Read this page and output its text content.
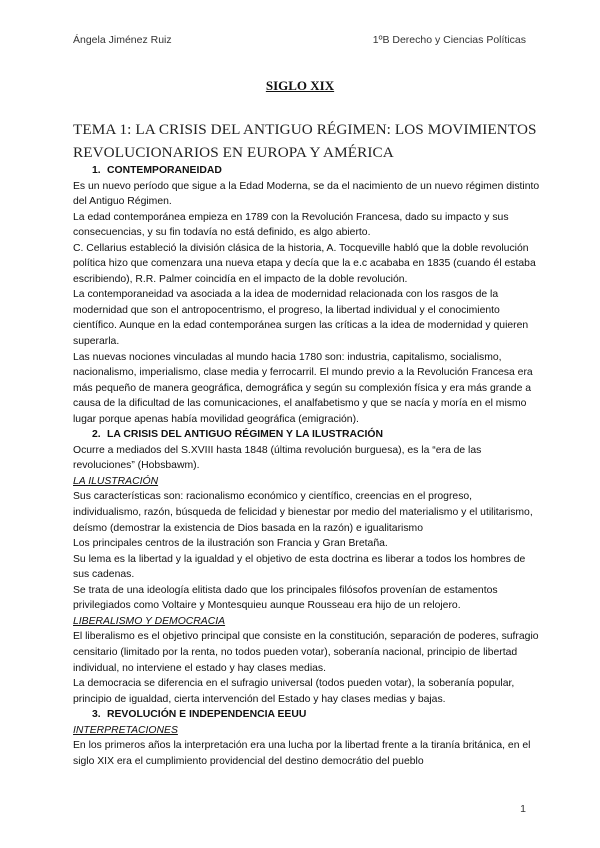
Ángela Jiménez Ruiz	1ºB Derecho y Ciencias Políticas
SIGLO XIX
TEMA 1: LA CRISIS DEL ANTIGUO RÉGIMEN: LOS MOVIMIENTOS REVOLUCIONARIOS EN EUROPA Y AMÉRICA

1. CONTEMPORANEIDAD

Es un nuevo período que sigue a la Edad Moderna, se da el nacimiento de un nuevo régimen distinto del Antiguo Régimen.

La edad contemporánea empieza en 1789 con la Revolución Francesa, dado su impacto y sus consecuencias, y su fin todavía no está definido, es algo abierto.

C. Cellarius estableció la división clásica de la historia, A. Tocqueville habló que la doble revolución política hizo que comenzara una nueva etapa y decía que la e.c acababa en 1835 (cuando él estaba escribiendo), R.R. Palmer coincidía en el impacto de la doble revolución.

La contemporaneidad va asociada a la idea de modernidad relacionada con los rasgos de la modernidad que son el antropocentrismo, el progreso, la libertad individual y el conocimiento científico. Aunque en la edad contemporánea surgen las críticas a la idea de modernidad y quieren superarla.

Las nuevas nociones vinculadas al mundo hacia 1780 son: industria, capitalismo, socialismo, nacionalismo, imperialismo, clase media y ferrocarril. El mundo previo a la Revolución Francesa era más pequeño de manera geográfica, demográfica y según su complexión física y era más grande a causa de la dificultad de las comunicaciones, el analfabetismo y que se nacía y moría en el mismo lugar porque apenas había movilidad geográfica (emigración).

2. LA CRISIS DEL ANTIGUO RÉGIMEN Y LA ILUSTRACIÓN

Ocurre a mediados del S.XVIII hasta 1848 (última revolución burguesa), es la “era de las revoluciones” (Hobsbawm).

LA ILUSTRACIÓN

Sus características son: racionalismo económico y científico, creencias en el progreso, individualismo, razón, búsqueda de felicidad y bienestar por medio del materialismo y el utilitarismo, deísmo (demostrar la existencia de Dios basada en la razón) e igualitarismo

Los principales centros de la ilustración son Francia y Gran Bretaña.

Su lema es la libertad y la igualdad y el objetivo de esta doctrina es liberar a todos los hombres de sus cadenas.

Se trata de una ideología elitista dado que los principales filósofos provenían de estamentos privilegiados como Voltaire y Montesquieu aunque Rousseau era hijo de un relojero.

LIBERALISMO Y DEMOCRACIA

El liberalismo es el objetivo principal que consiste en la constitución, separación de poderes, sufragio censitario (limitado por la renta, no todos pueden votar), soberanía nacional, principio de libertad individual, no interviene el estado y hay clases medias.

La democracia se diferencia en el sufragio universal (todos pueden votar), la soberanía popular, principio de igualdad, cierta intervención del Estado y hay clases medias y bajas.

3. REVOLUCIÓN E INDEPENDENCIA EEUU

INTERPRETACIONES

En los primeros años la interpretación era una lucha por la libertad frente a la tiranía británica, en el siglo XIX era el cumplimiento providencial del destino democrátio del pueblo

1
